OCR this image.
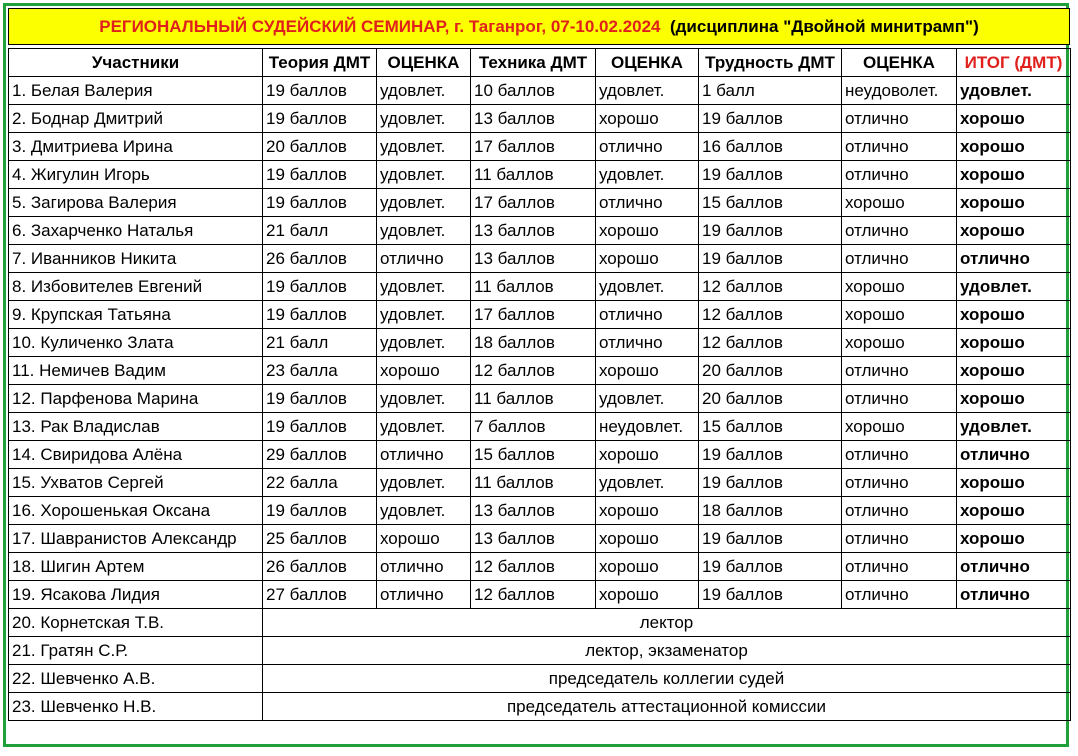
РЕГИОНАЛЬНЫЙ СУДЕЙСКИЙ СЕМИНАР, г. Таганрог, 07-10.02.2024
(дисциплина "Двойной минитрамп")
Участники	Теория ДМТ	ОЦЕНКА	Техника ДМТ	ОЦЕНКА	Трудность ДМТ	ОЦЕНКА	ИТОГ (ДМТ)
1. Белая Валерия	19 баллов	удовлет.	10 баллов	удовлет.	1 балл	неудоволет.	удовлет.
2. Боднар Дмитрий	19 баллов	удовлет.	13 баллов	хорошо	19 баллов	отлично	хорошо
3. Дмитриева Ирина	20 баллов	удовлет.	17 баллов	отлично	16 баллов	отлично	хорошо
4. Жигулин Игорь	19 баллов	удовлет.	11 баллов	удовлет.	19 баллов	отлично	хорошо
5. Загирова Валерия	19 баллов	удовлет.	17 баллов	отлично	15 баллов	хорошо	хорошо
6. Захарченко Наталья	21 балл	удовлет.	13 баллов	хорошо	19 баллов	отлично	хорошо
7. Иванников Никита	26 баллов	отлично	13 баллов	хорошо	19 баллов	отлично	отлично
8. Избовителев Евгений	19 баллов	удовлет.	11 баллов	удовлет.	12 баллов	хорошо	удовлет.
9. Крупская Татьяна	19 баллов	удовлет.	17 баллов	отлично	12 баллов	хорошо	хорошо
10. Куличенко Злата	21 балл	удовлет.	18 баллов	отлично	12 баллов	хорошо	хорошо
11. Немичев Вадим	23 балла	хорошо	12 баллов	хорошо	20 баллов	отлично	хорошо
12. Парфенова Марина	19 баллов	удовлет.	11 баллов	удовлет.	20 баллов	отлично	хорошо
13. Рак Владислав	19 баллов	удовлет.	7 баллов	неудовлет.	15 баллов	хорошо	удовлет.
14. Свиридова Алёна	29 баллов	отлично	15 баллов	хорошо	19 баллов	отлично	отлично
15. Ухватов Сергей	22 балла	удовлет.	11 баллов	удовлет.	19 баллов	отлично	хорошо
16. Хорошенькая Оксана	19 баллов	удовлет.	13 баллов	хорошо	18 баллов	отлично	хорошо
17. Шавранистов Александр	25 баллов	хорошо	13 баллов	хорошо	19 баллов	отлично	хорошо
18. Шигин Артем	26 баллов	отлично	12 баллов	хорошо	19 баллов	отлично	отлично
19. Ясакова Лидия	27 баллов	отлично	12 баллов	хорошо	19 баллов	отлично	отлично
20. Корнетская Т.В.	лектор						
21. Гратян С.Р.	лектор, экзаменатор						
22. Шевченко А.В.	председатель коллегии судей						
23. Шевченко Н.В.	председатель аттестационной комиссии						
